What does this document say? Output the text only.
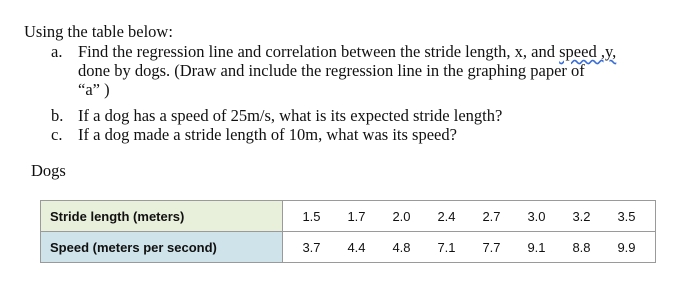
Using the table below:
a. Find the regression line and correlation between the stride length, x, and speed ,y,
done by dogs. (Draw and include the regression line in the graphing paper of
“a” )
b. If a dog has a speed of 25m/s, what is its expected stride length?
c. If a dog made a stride length of 10m, what was its speed?
Dogs
Stride length (meters)	1.5 1.7 2.0 2.4 2.7 3.0 3.2 3.5
Speed (meters per second)	3.7 4.4 4.8 7.1 7.7 9.1 8.8 9.9
